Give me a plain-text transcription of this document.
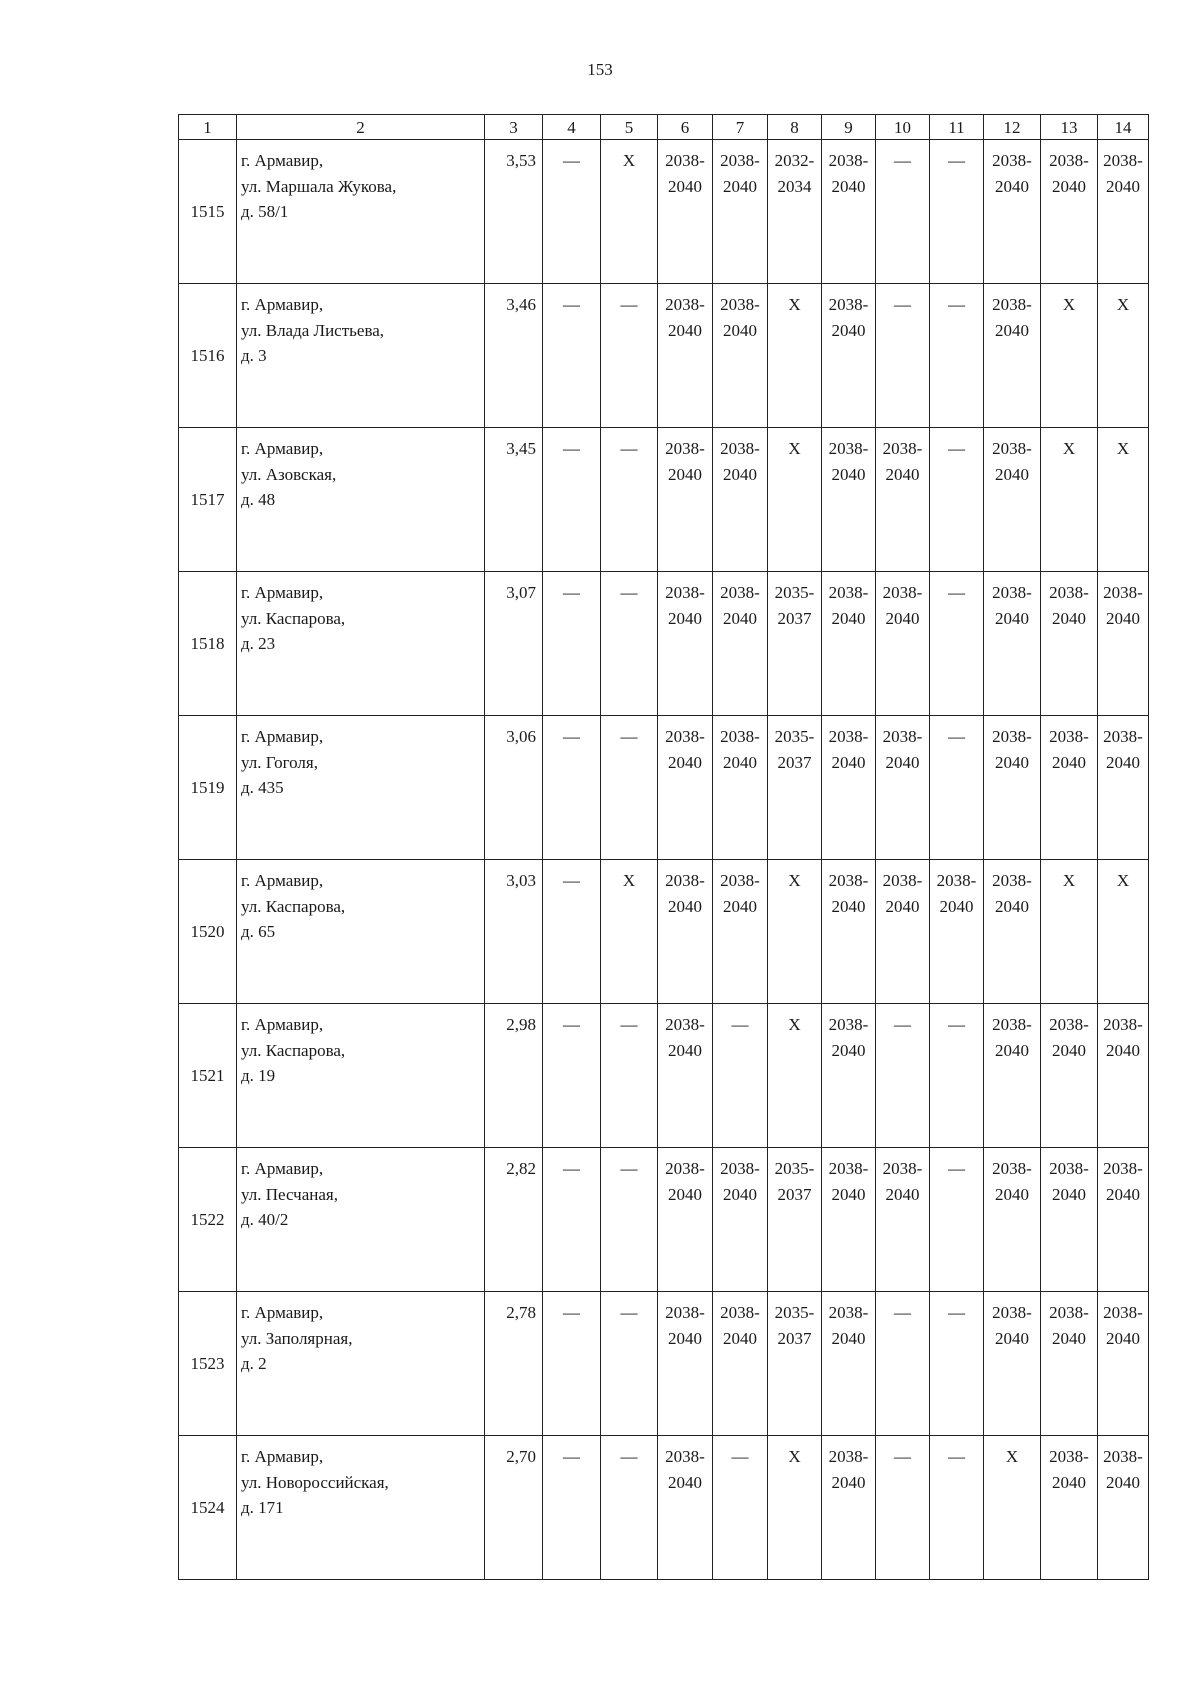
153
1	2	3	4	5	6	7	8	9	10	11	12	13	14
1515	г. Армавир,
ул. Маршала Жукова,
д. 58/1	3,53	—	Х	2038-
2040	2038-
2040	2032-
2034	2038-
2040	—	—	2038-
2040	2038-
2040	2038-
2040

1516	г. Армавир,
ул. Влада Листьева,
д. 3	3,46	—	—	2038-
2040	2038-
2040	Х	2038-
2040	—	—	2038-
2040	Х	Х
1517	г. Армавир,
ул. Азовская,
д. 48	3,45	—	—	2038-
2040	2038-
2040	Х	2038-
2040	2038-
2040	—	2038-
2040	Х	Х
1518	г. Армавир,
ул. Каспарова,
д. 23	3,07	—	—	2038-
2040	2038-
2040	2035-
2037	2038-
2040	2038-
2040	—	2038-
2040	2038-
2040	2038-
2040

1519	г. Армавир,
ул. Гоголя,
д. 435	3,06	—	—	2038-
2040	2038-
2040	2035-
2037	2038-
2040	2038-
2040	—	2038-
2040	2038-
2040	2038-
2040

1520	г. Армавир,
ул. Каспарова,
д. 65	3,03	—	Х	2038-
2040	2038-
2040	Х	2038-
2040	2038-
2040	2038-
2040	2038-
2040	Х	Х
1521	г. Армавир,
ул. Каспарова,
д. 19	2,98	—	—	2038-
2040	—	Х	2038-
2040	—	—	2038-
2040	2038-
2040	2038-
2040

1522	г. Армавир,
ул. Песчаная,
д. 40/2	2,82	—	—	2038-
2040	2038-
2040	2035-
2037	2038-
2040	2038-
2040	—	2038-
2040	2038-
2040	2038-
2040

1523	г. Армавир,
ул. Заполярная,
д. 2	2,78	—	—	2038-
2040	2038-
2040	2035-
2037	2038-
2040	—	—	2038-
2040	2038-
2040	2038-
2040

1524	г. Армавир,
ул. Новороссийская,
д. 171	2,70	—	—	2038-
2040	—	Х	2038-
2040	—	—	Х	2038-
2040	2038-
2040
